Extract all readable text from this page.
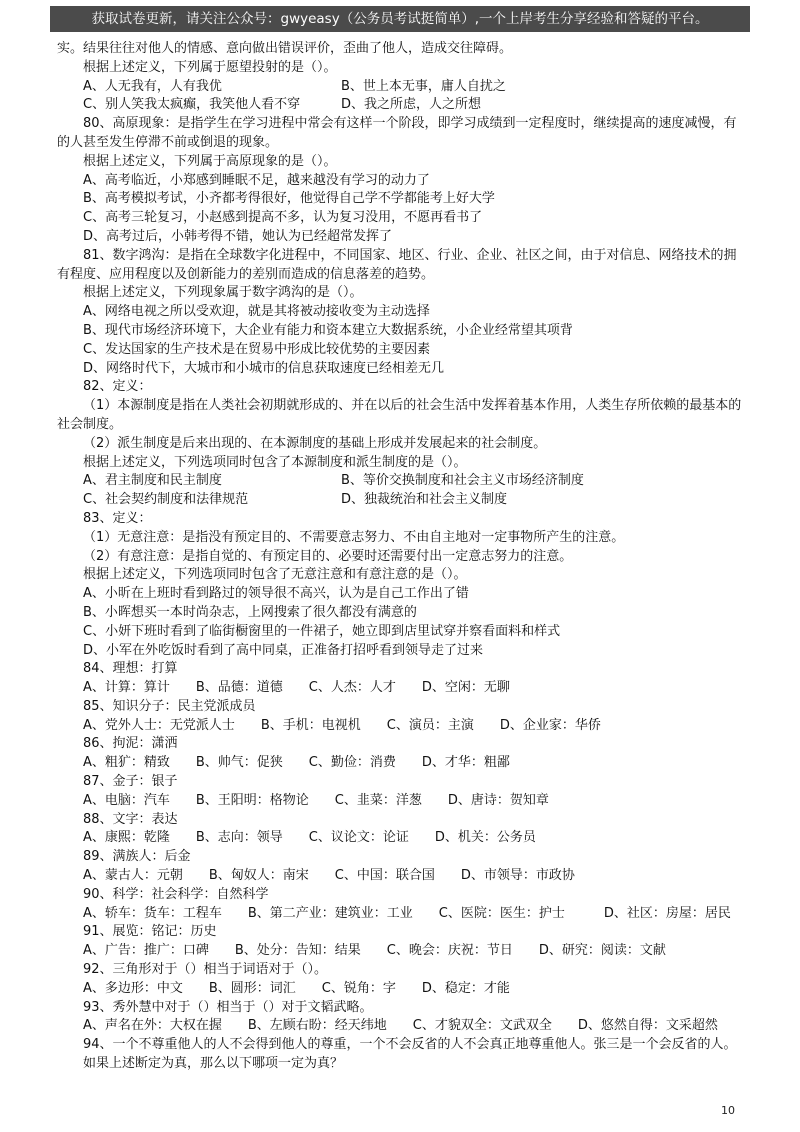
获取试卷更新，请关注公众号：gwyeasy（公务员考试挺简单）,一个上岸考生分享经验和答疑的平台。

实。结果往往对他人的情感、意向做出错误评价，歪曲了他人，造成交往障碍。

根据上述定义，下列属于愿望投射的是（）。

A、人无我有，人有我优	B、世上本无事，庸人自扰之

C、别人笑我太疯癫，我笑他人看不穿	D、我之所虑，人之所想

80、高原现象：是指学生在学习进程中常会有这样一个阶段，即学习成绩到一定程度时，继续提高的速度减慢，有的人甚至发生停滞不前或倒退的现象。

根据上述定义，下列属于高原现象的是（）。

A、高考临近，小郑感到睡眠不足，越来越没有学习的动力了

B、高考模拟考试，小齐都考得很好，他觉得自己学不学都能考上好大学

C、高考三轮复习，小赵感到提高不多，认为复习没用，不愿再看书了

D、高考过后，小韩考得不错，她认为已经超常发挥了

81、数字鸿沟：是指在全球数字化进程中，不同国家、地区、行业、企业、社区之间，由于对信息、网络技术的拥有程度、应用程度以及创新能力的差别而造成的信息落差的趋势。

根据上述定义，下列现象属于数字鸿沟的是（）。

A、网络电视之所以受欢迎，就是其将被动接收变为主动选择

B、现代市场经济环境下，大企业有能力和资本建立大数据系统，小企业经常望其项背

C、发达国家的生产技术是在贸易中形成比较优势的主要因素

D、网络时代下，大城市和小城市的信息获取速度已经相差无几

82、定义：

（1）本源制度是指在人类社会初期就形成的、并在以后的社会生活中发挥着基本作用，人类生存所依赖的最基本的社会制度。

（2）派生制度是后来出现的、在本源制度的基础上形成并发展起来的社会制度。

根据上述定义，下列选项同时包含了本源制度和派生制度的是（）。

A、君主制度和民主制度	B、等价交换制度和社会主义市场经济制度

C、社会契约制度和法律规范	D、独裁统治和社会主义制度

83、定义：

（1）无意注意：是指没有预定目的、不需要意志努力、不由自主地对一定事物所产生的注意。

（2）有意注意：是指自觉的、有预定目的、必要时还需要付出一定意志努力的注意。

根据上述定义，下列选项同时包含了无意注意和有意注意的是（）。

A、小昕在上班时看到路过的领导很不高兴，认为是自己工作出了错

B、小晖想买一本时尚杂志，上网搜索了很久都没有满意的

C、小妍下班时看到了临街橱窗里的一件裙子，她立即到店里试穿并察看面料和样式

D、小军在外吃饭时看到了高中同桌，正准备打招呼看到领导走了过来

84、理想：打算

A、计算：算计　　B、品德：道德　　C、人杰：人才　　D、空闲：无聊

85、知识分子：民主党派成员

A、党外人士：无党派人士　　B、手机：电视机　　C、演员：主演　　D、企业家：华侨

86、拘泥：潇洒

A、粗犷：精致　　B、帅气：促狭　　C、勤俭：消费　　D、才华：粗鄙

87、金子：银子

A、电脑：汽车　　B、王阳明：格物论　　C、韭菜：洋葱　　D、唐诗：贺知章

88、文字：表达

A、康熙：乾隆　　B、志向：领导　　C、议论文：论证　　D、机关：公务员

89、满族人：后金

A、蒙古人：元朝　　B、匈奴人：南宋　　C、中国：联合国　　D、市领导：市政协

90、科学：社会科学：自然科学

A、轿车：货车：工程车　　B、第二产业：建筑业：工业　　C、医院：医生：护士　　　D、社区：房屋：居民

91、展览：铭记：历史

A、广告：推广：口碑　　B、处分：告知：结果　　C、晚会：庆祝：节日　　D、研究：阅读：文献

92、三角形对于（）相当于词语对于（）。

A、多边形：中文　　B、圆形：词汇　　C、锐角：字　　D、稳定：才能

93、秀外慧中对于（）相当于（）对于文韬武略。

A、声名在外：大权在握　　B、左顾右盼：经天纬地　　C、才貌双全：文武双全　　D、悠然自得：文采超然

94、一个不尊重他人的人不会得到他人的尊重，一个不会反省的人不会真正地尊重他人。张三是一个会反省的人。

如果上述断定为真，那么以下哪项一定为真？

10
